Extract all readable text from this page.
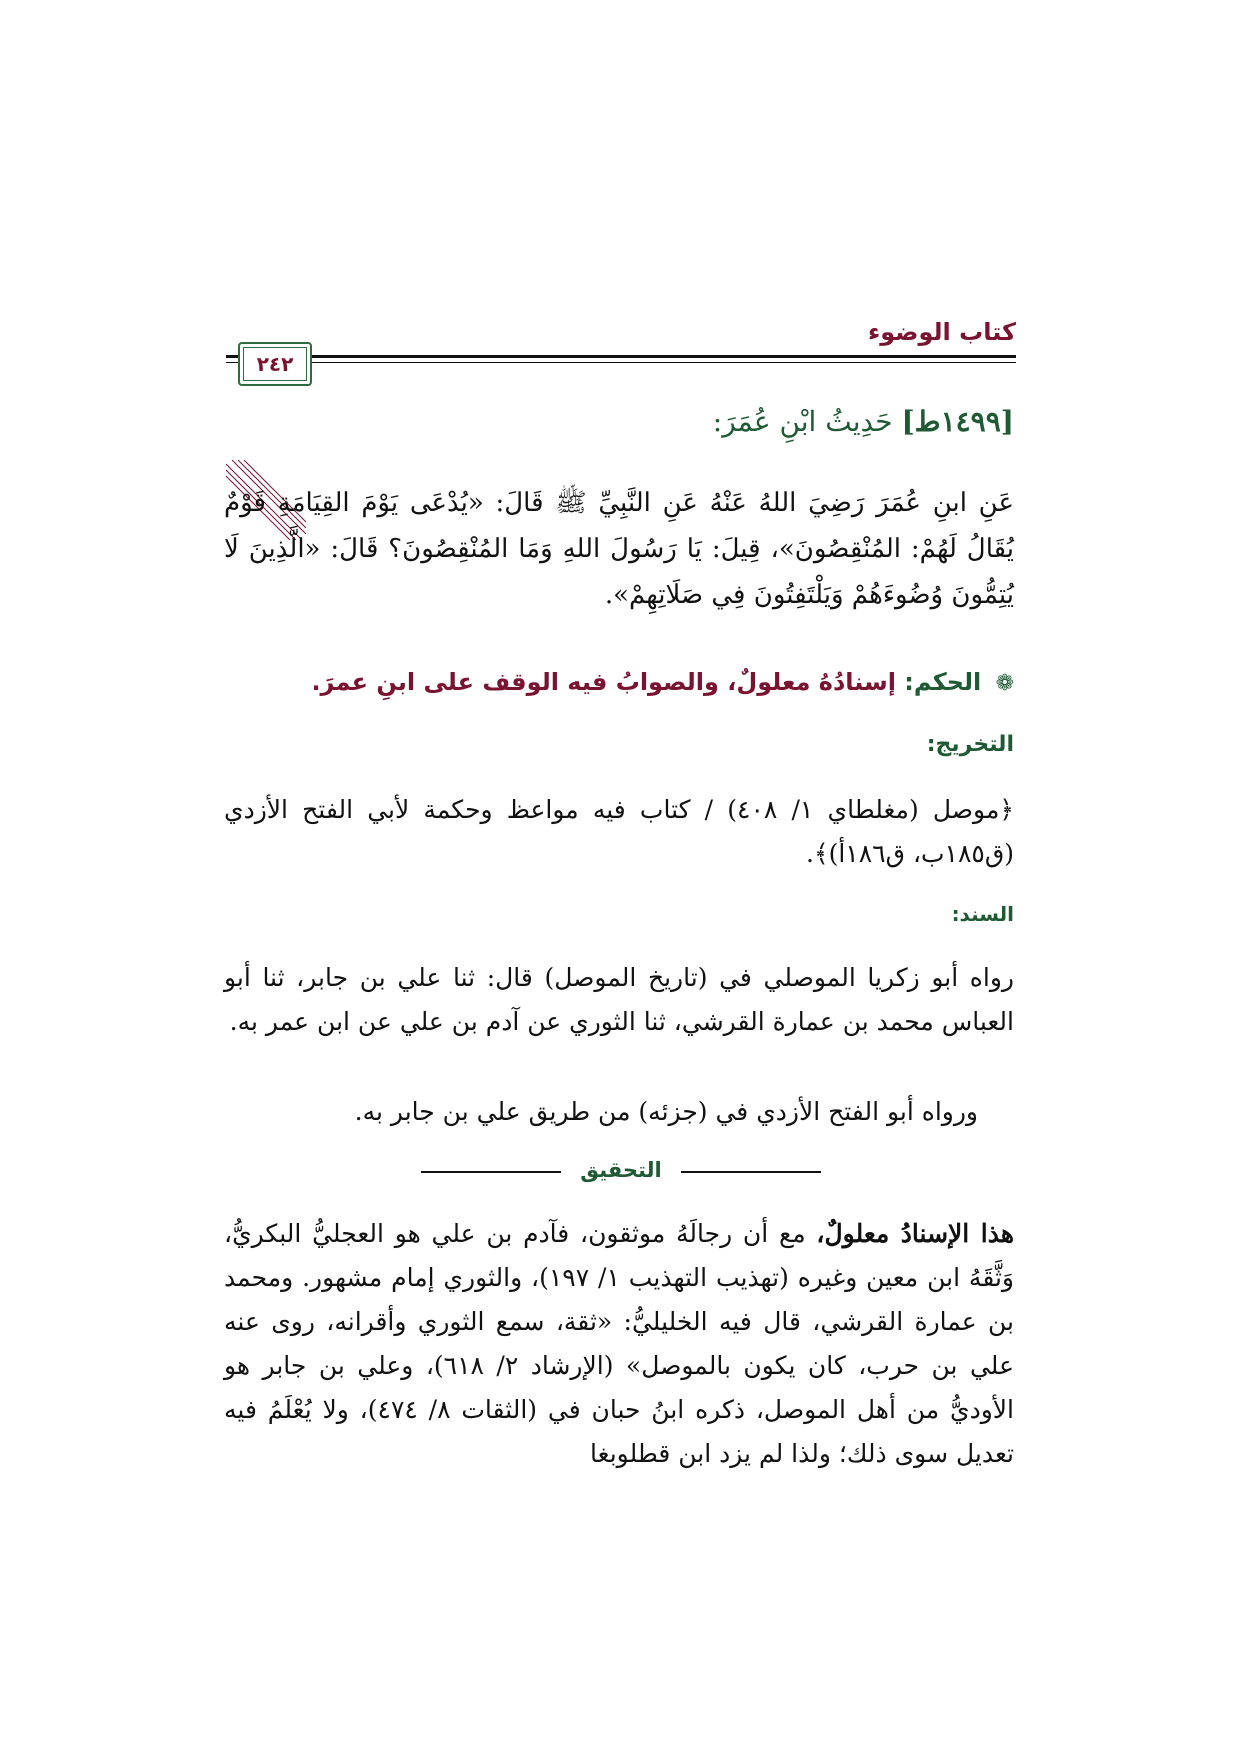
كتاب الوضوء
٢٤٢
[١٤٩٩ط] حَدِيثُ ابْنِ عُمَرَ:
عَنِ ابنِ عُمَرَ رَضِيَ اللهُ عَنْهُ عَنِ النَّبِيِّ ﷺ قَالَ: «يُدْعَى يَوْمَ القِيَامَةِ قَوْمٌ يُقَالُ لَهُمْ: المُنْقِصُونَ»، قِيلَ: يَا رَسُولَ اللهِ وَمَا المُنْقِصُونَ؟ قَالَ: «الَّذِينَ لَا يُتِمُّونَ وُضُوءَهُمْ وَيَلْتَفِتُونَ فِي صَلَاتِهِمْ».
❁ الحكم: إسنادُهُ معلولٌ، والصوابُ فيه الوقف على ابنِ عمرَ.
التخريج:
﴿موصل (مغلطاي ١/ ٤٠٨) / كتاب فيه مواعظ وحكمة لأبي الفتح الأزدي (ق١٨٥ب، ق١٨٦أ)﴾.
السند:
رواه أبو زكريا الموصلي في (تاريخ الموصل) قال: ثنا علي بن جابر، ثنا أبو العباس محمد بن عمارة القرشي، ثنا الثوري عن آدم بن علي عن ابن عمر به.
ورواه أبو الفتح الأزدي في (جزئه) من طريق علي بن جابر به.
التحقيق
هذا الإسنادُ معلولٌ، مع أن رجالَهُ موثقون، فآدم بن علي هو العجليُّ البكريُّ، وَثَّقَهُ ابن معين وغيره (تهذيب التهذيب ١/ ١٩٧)، والثوري إمام مشهور. ومحمد بن عمارة القرشي، قال فيه الخليليُّ: «ثقة، سمع الثوري وأقرانه، روى عنه علي بن حرب، كان يكون بالموصل» (الإرشاد ٢/ ٦١٨)، وعلي بن جابر هو الأوديُّ من أهل الموصل، ذكره ابنُ حبان في (الثقات ٨/ ٤٧٤)، ولا يُعْلَمُ فيه تعديل سوى ذلك؛ ولذا لم يزد ابن قطلوبغا
